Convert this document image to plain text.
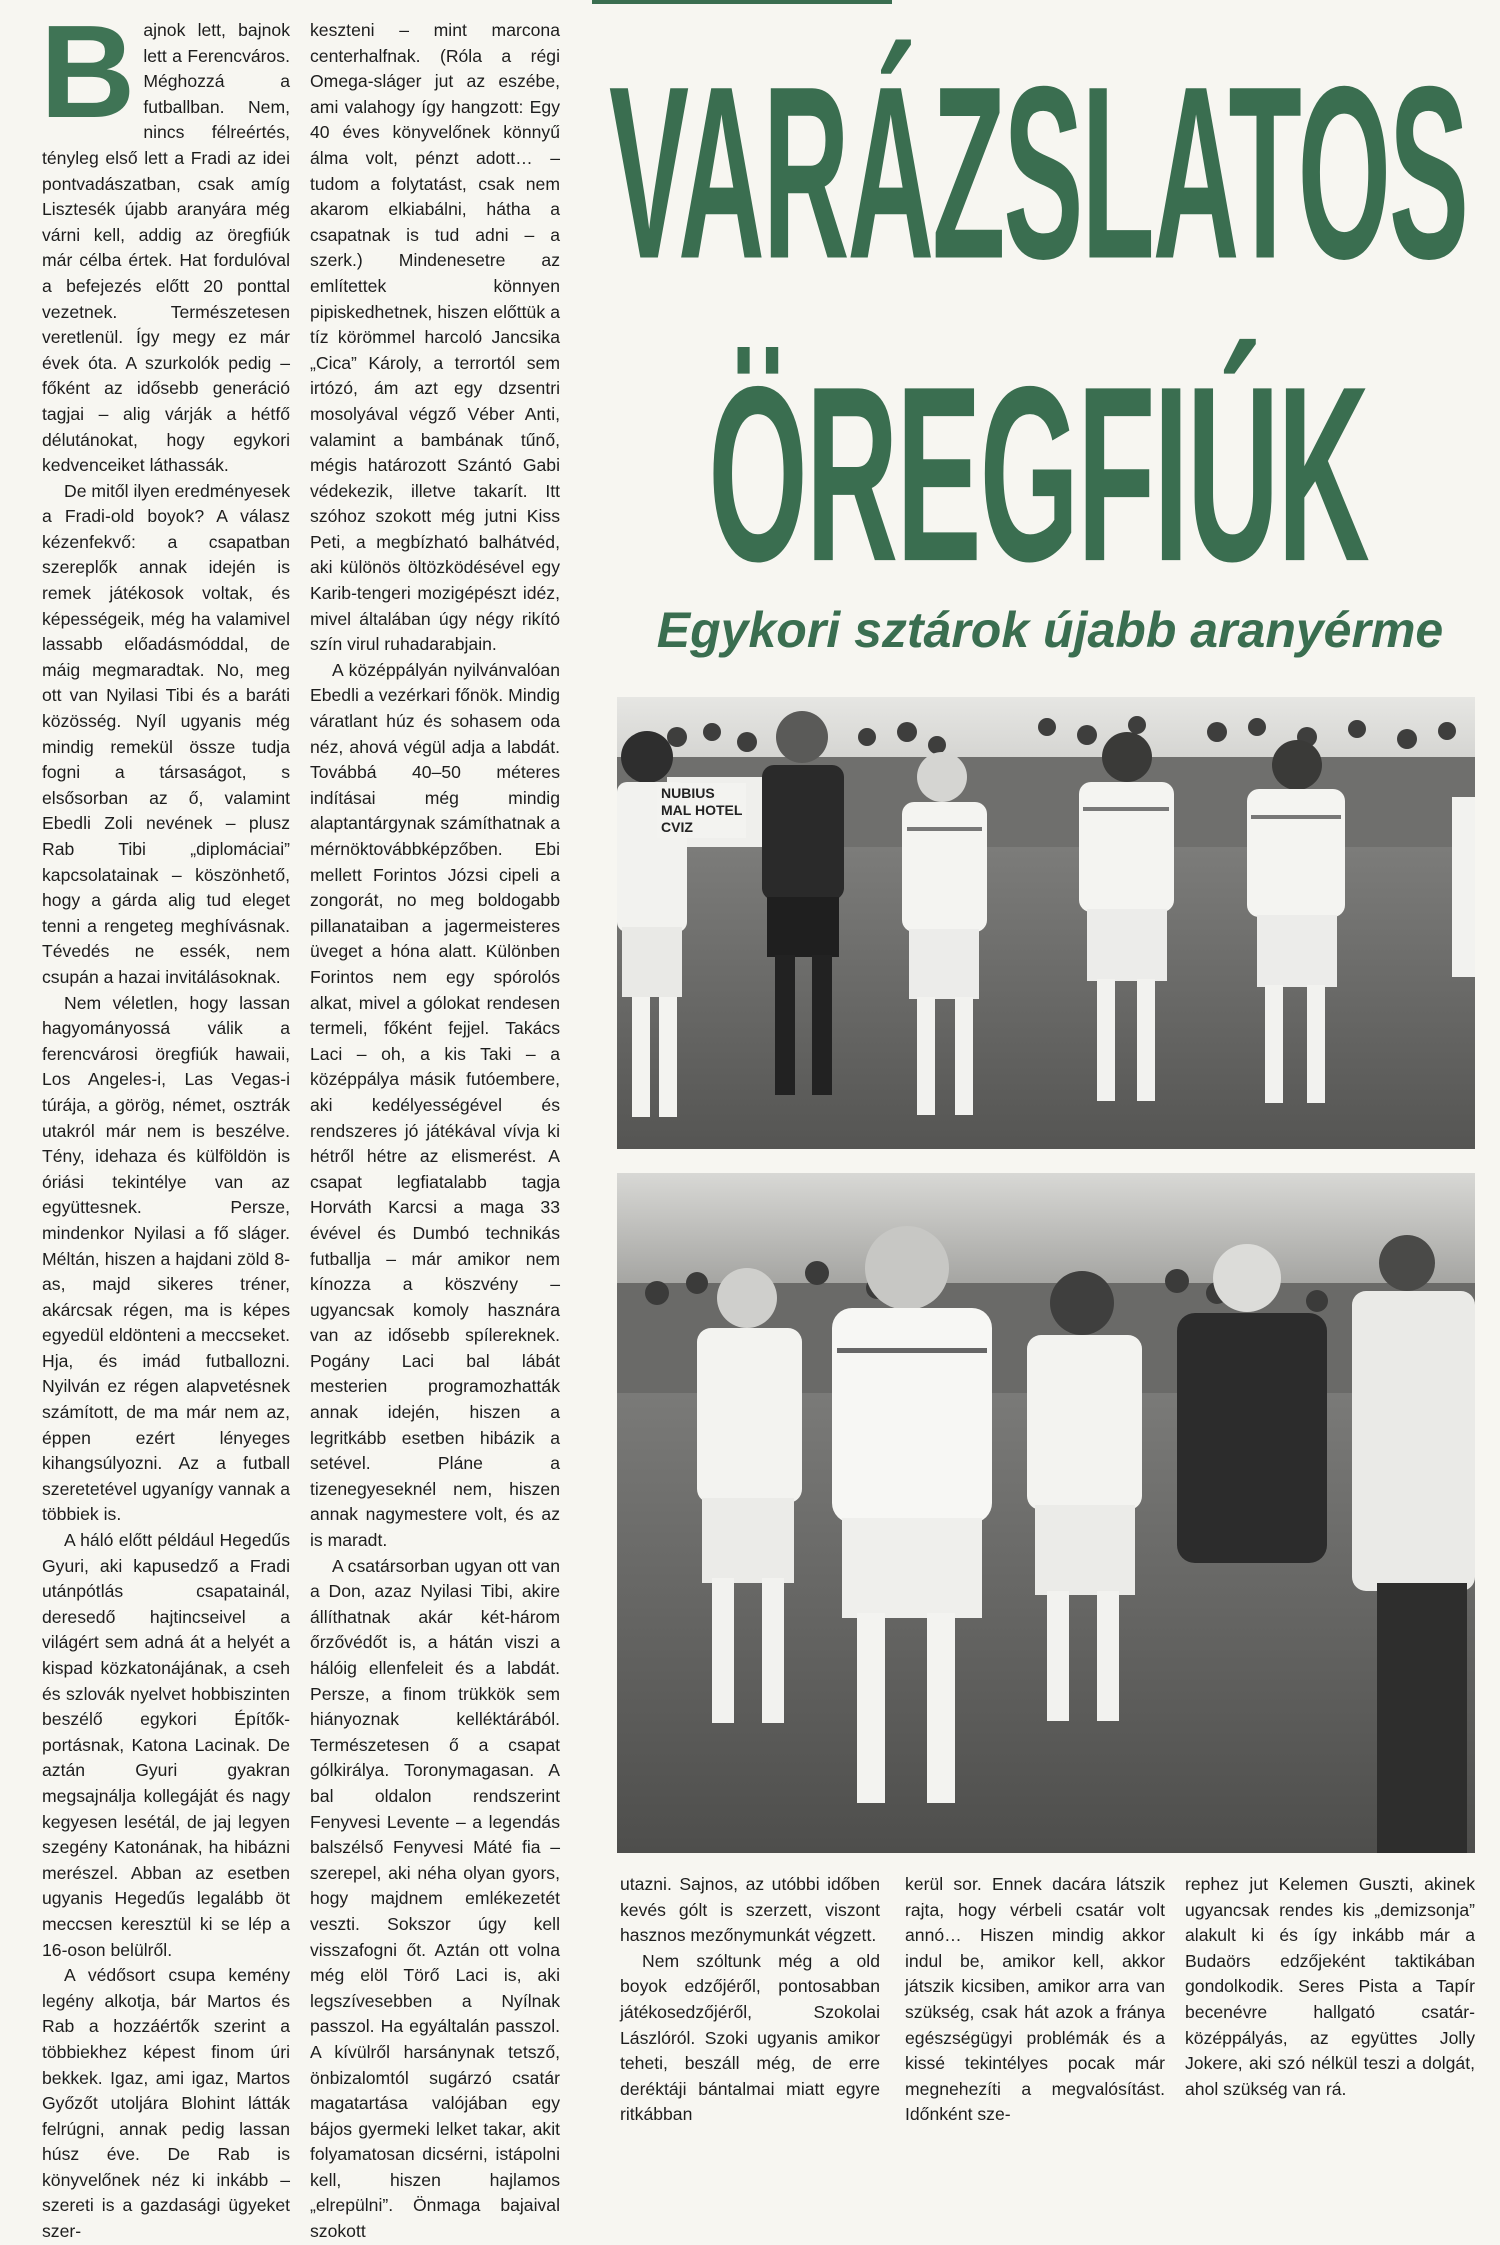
B ajnok lett, bajnok lett a Ferencváros. Méghozzá a futballban. Nem, nincs félreértés, tényleg első lett a Fradi az idei pontvadászatban, csak amíg Lisztesék újabb aranyára még várni kell, addig az öregfiúk már célba értek. Hat fordulóval a befejezés előtt 20 ponttal vezetnek. Természetesen veretlenül. Így megy ez már évek óta. A szurkolók pedig – főként az idősebb generáció tagjai – alig várják a hétfő délutánokat, hogy egykori kedvenceiket láthassák.

De mitől ilyen eredményesek a Fradi-old boyok? A válasz kézenfekvő: a csapatban szereplők annak idején is remek játékosok voltak, és képességeik, még ha valamivel lassabb előadásmóddal, de máig megmaradtak. No, meg ott van Nyilasi Tibi és a baráti közösség. Nyíl ugyanis még mindig remekül össze tudja fogni a társaságot, s elsősorban az ő, valamint Ebedli Zoli nevének – plusz Rab Tibi „diplomáciai” kapcsolatainak – köszönhető, hogy a gárda alig tud eleget tenni a rengeteg meghívásnak. Tévedés ne essék, nem csupán a hazai invitálásoknak.

Nem véletlen, hogy lassan hagyományossá válik a ferencvárosi öregfiúk hawaii, Los Angeles-i, Las Vegas-i túrája, a görög, német, osztrák utakról már nem is beszélve. Tény, idehaza és külföldön is óriási tekintélye van az együttesnek. Persze, mindenkor Nyilasi a fő sláger. Méltán, hiszen a hajdani zöld 8-as, majd sikeres tréner, akárcsak régen, ma is képes egyedül eldönteni a meccseket. Hja, és imád futballozni. Nyilván ez régen alapvetésnek számított, de ma már nem az, éppen ezért lényeges kihangsúlyozni. Az a futball szeretetével ugyanígy vannak a többiek is.

A háló előtt például Hegedűs Gyuri, aki kapusedző a Fradi utánpótlás csapatainál, deresedő hajtincseivel a világért sem adná át a helyét a kispad közkatonájának, a cseh és szlovák nyelvet hobbiszinten beszélő egykori Építők-portásnak, Katona Lacinak. De aztán Gyuri gyakran megsajnálja kollegáját és nagy kegyesen lesétál, de jaj legyen szegény Katonának, ha hibázni merészel. Abban az esetben ugyanis Hegedűs legalább öt meccsen keresztül ki se lép a 16-oson belülről.

A védősort csupa kemény legény alkotja, bár Martos és Rab a hozzáértők szerint a többiekhez képest finom úri bekkek. Igaz, ami igaz, Martos Győzőt utoljára Blohint látták felrúgni, annak pedig lassan húsz éve. De Rab is könyvelőnek néz ki inkább – szereti is a gazdasági ügyeket szer-

keszteni – mint marcona centerhalfnak. (Róla a régi Omega-sláger jut az eszébe, ami valahogy így hangzott: Egy 40 éves könyvelőnek könnyű álma volt, pénzt adott… – tudom a folytatást, csak nem akarom elkiabálni, hátha a csapatnak is tud adni – a szerk.) Mindenesetre az említettek könnyen pipiskedhetnek, hiszen előttük a tíz körömmel harcoló Jancsika „Cica” Károly, a terrortól sem irtózó, ám azt egy dzsentri mosolyával végző Véber Anti, valamint a bambának tűnő, mégis határozott Szántó Gabi védekezik, illetve takarít. Itt szóhoz szokott még jutni Kiss Peti, a megbízható balhátvéd, aki különös öltözködésével egy Karib-tengeri mozigépészt idéz, mivel általában úgy négy rikító szín virul ruhadarabjain.

A középpályán nyilvánvalóan Ebedli a vezérkari főnök. Mindig váratlant húz és sohasem oda néz, ahová végül adja a labdát. Továbbá 40–50 méteres indításai még mindig alaptantárgynak számíthatnak a mérnöktovábbképzőben. Ebi mellett Forintos Józsi cipeli a zongorát, no meg boldogabb pillanataiban a jagermeisteres üveget a hóna alatt. Különben Forintos nem egy spórolós alkat, mivel a gólokat rendesen termeli, főként fejjel. Takács Laci – oh, a kis Taki – a középpálya másik futóembere, aki kedélyességével és rendszeres jó játékával vívja ki hétről hétre az elismerést. A csapat legfiatalabb tagja Horváth Karcsi a maga 33 évével és Dumbó technikás futballja – már amikor nem kínozza a köszvény – ugyancsak komoly hasznára van az idősebb spílereknek. Pogány Laci bal lábát mesterien programozhatták annak idején, hiszen a legritkább esetben hibázik a setével. Pláne a tizenegyeseknél nem, hiszen annak nagymestere volt, és az is maradt.

A csatársorban ugyan ott van a Don, azaz Nyilasi Tibi, akire állíthatnak akár két-három őrzővédőt is, a hátán viszi a hálóig ellenfeleit és a labdát. Persze, a finom trükkök sem hiányoznak kelléktárából. Természetesen ő a csapat gólkirálya. Toronymagasan. A bal oldalon rendszerint Fenyvesi Levente – a legendás balszélső Fenyvesi Máté fia – szerepel, aki néha olyan gyors, hogy majdnem emlékezetét veszti. Sokszor úgy kell visszafogni őt. Aztán ott volna még elöl Törő Laci is, aki legszívesebben a Nyílnak passzol. Ha egyáltalán passzol. A kívülről harsánynak tetsző, önbizalomtól sugárzó csatár magatartása valójában egy bájos gyermeki lelket takar, akit folyamatosan dicsérni, istápolni kell, hiszen hajlamos „elrepülni”. Önmaga bajaival szokott

VARÁZSLATOS
ÖREGFIÚK
Egykori sztárok újabb aranyérme
NUBIUS
MAL HOTEL
CVIZ

utazni. Sajnos, az utóbbi időben kevés gólt is szerzett, viszont hasznos mezőnymunkát végzett.

Nem szóltunk még a old boyok edzőjéről, pontosabban játékosedzőjéről, Szokolai Lászlóról. Szoki ugyanis amikor teheti, beszáll még, de erre deréktáji bántalmai miatt egyre ritkábban

kerül sor. Ennek dacára látszik rajta, hogy vérbeli csatár volt annó… Hiszen mindig akkor indul be, amikor kell, akkor játszik kicsiben, amikor arra van szükség, csak hát azok a fránya egészségügyi problémák és a kissé tekintélyes pocak már megnehezíti a megvalósítást. Időnként sze-

rephez jut Kelemen Guszti, akinek ugyancsak rendes kis „demizsonja” alakult ki és így inkább már a Budaörs edzőjeként taktikában gondolkodik. Seres Pista a Tapír becenévre hallgató csatár-középpályás, az együttes Jolly Jokere, aki szó nélkül teszi a dolgát, ahol szükség van rá.
